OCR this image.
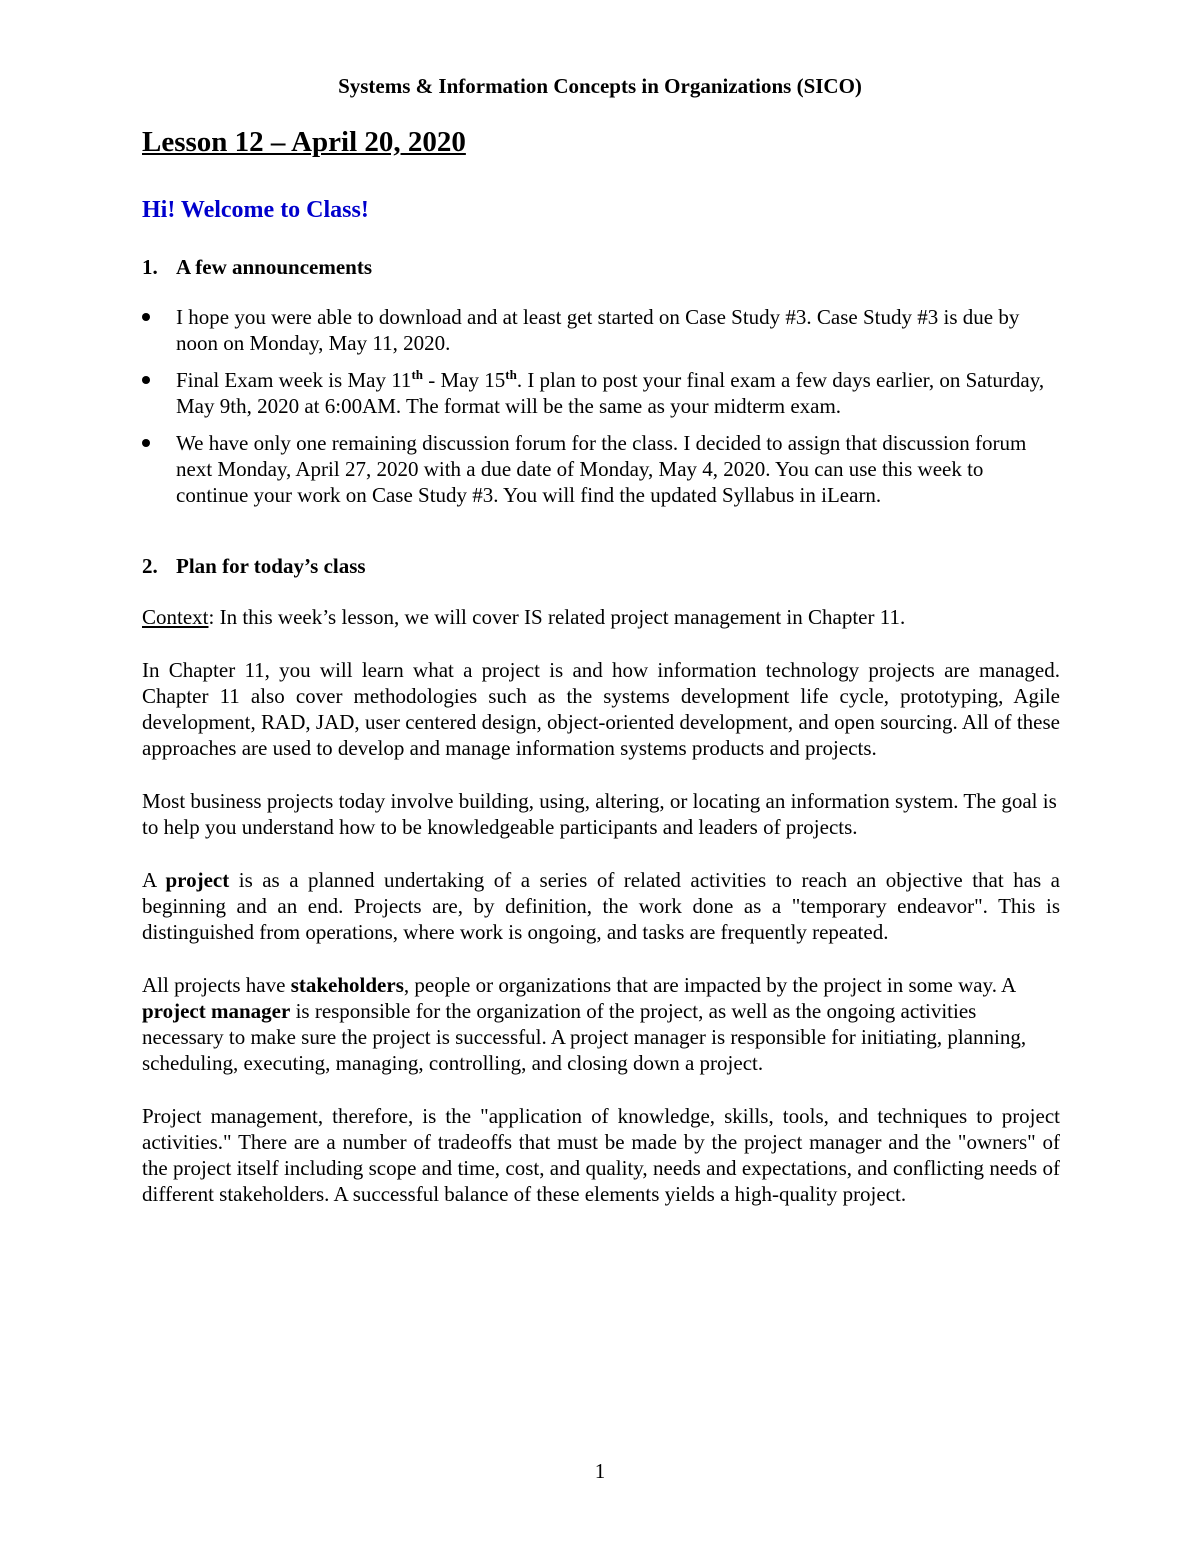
Systems & Information Concepts in Organizations (SICO)
Lesson 12 – April 20, 2020
Hi! Welcome to Class!
1. A few announcements
I hope you were able to download and at least get started on Case Study #3. Case Study #3 is due by noon on Monday, May 11, 2020.
Final Exam week is May 11th - May 15th. I plan to post your final exam a few days earlier, on Saturday, May 9th, 2020 at 6:00AM. The format will be the same as your midterm exam.
We have only one remaining discussion forum for the class. I decided to assign that discussion forum next Monday, April 27, 2020 with a due date of Monday, May 4, 2020. You can use this week to continue your work on Case Study #3. You will find the updated Syllabus in iLearn.
2. Plan for today’s class

Context: In this week’s lesson, we will cover IS related project management in Chapter 11.

In Chapter 11, you will learn what a project is and how information technology projects are managed. Chapter 11 also cover methodologies such as the systems development life cycle, prototyping, Agile development, RAD, JAD, user centered design, object-oriented development, and open sourcing. All of these approaches are used to develop and manage information systems products and projects.

Most business projects today involve building, using, altering, or locating an information system. The goal is to help you understand how to be knowledgeable participants and leaders of projects.

A project is as a planned undertaking of a series of related activities to reach an objective that has a beginning and an end. Projects are, by definition, the work done as a "temporary endeavor". This is distinguished from operations, where work is ongoing, and tasks are frequently repeated.

All projects have stakeholders, people or organizations that are impacted by the project in some way. A project manager is responsible for the organization of the project, as well as the ongoing activities necessary to make sure the project is successful. A project manager is responsible for initiating, planning, scheduling, executing, managing, controlling, and closing down a project.

Project management, therefore, is the "application of knowledge, skills, tools, and techniques to project activities." There are a number of tradeoffs that must be made by the project manager and the "owners" of the project itself including scope and time, cost, and quality, needs and expectations, and conflicting needs of different stakeholders. A successful balance of these elements yields a high-quality project.

1
